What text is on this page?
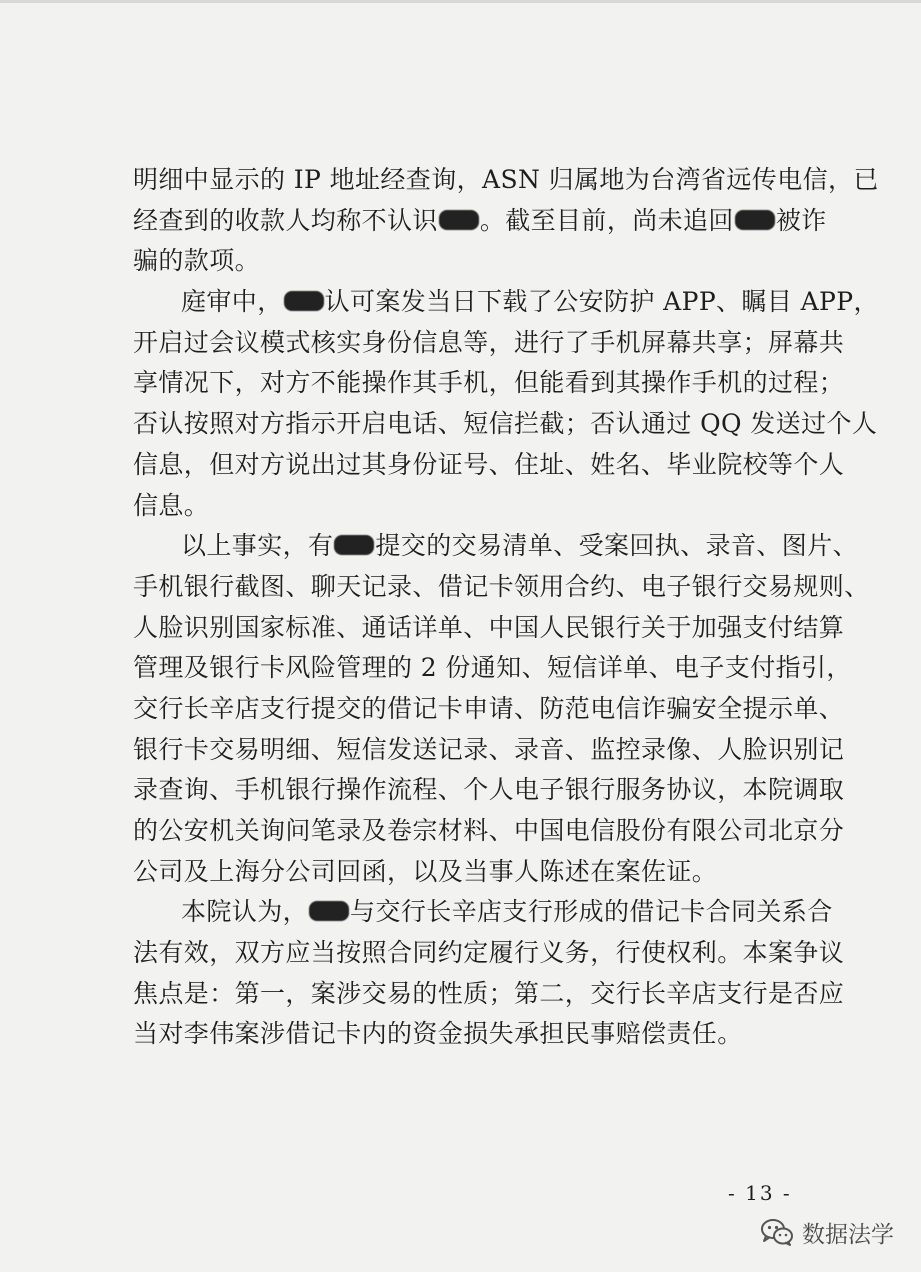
明细中显示的 IP 地址经查询，ASN 归属地为台湾省远传电信，已
经查到的收款人均称不认识 。截至目前，尚未追回 被诈
骗的款项。
庭审中， 认可案发当日下载了公安防护 APP、瞩目 APP，
开启过会议模式核实身份信息等，进行了手机屏幕共享；屏幕共
享情况下，对方不能操作其手机，但能看到其操作手机的过程；
否认按照对方指示开启电话、短信拦截；否认通过 QQ 发送过个人
信息，但对方说出过其身份证号、住址、姓名、毕业院校等个人
信息。
以上事实，有 提交的交易清单、受案回执、录音、图片、
手机银行截图、聊天记录、借记卡领用合约、电子银行交易规则、
人脸识别国家标准、通话详单、中国人民银行关于加强支付结算
管理及银行卡风险管理的 2 份通知、短信详单、电子支付指引，
交行长辛店支行提交的借记卡申请、防范电信诈骗安全提示单、
银行卡交易明细、短信发送记录、录音、监控录像、人脸识别记
录查询、手机银行操作流程、个人电子银行服务协议，本院调取
的公安机关询问笔录及卷宗材料、中国电信股份有限公司北京分
公司及上海分公司回函，以及当事人陈述在案佐证。
本院认为， 与交行长辛店支行形成的借记卡合同关系合
法有效，双方应当按照合同约定履行义务，行使权利。本案争议
焦点是：第一，案涉交易的性质；第二，交行长辛店支行是否应
当对李伟案涉借记卡内的资金损失承担民事赔偿责任。
- 13 -
数据法学
